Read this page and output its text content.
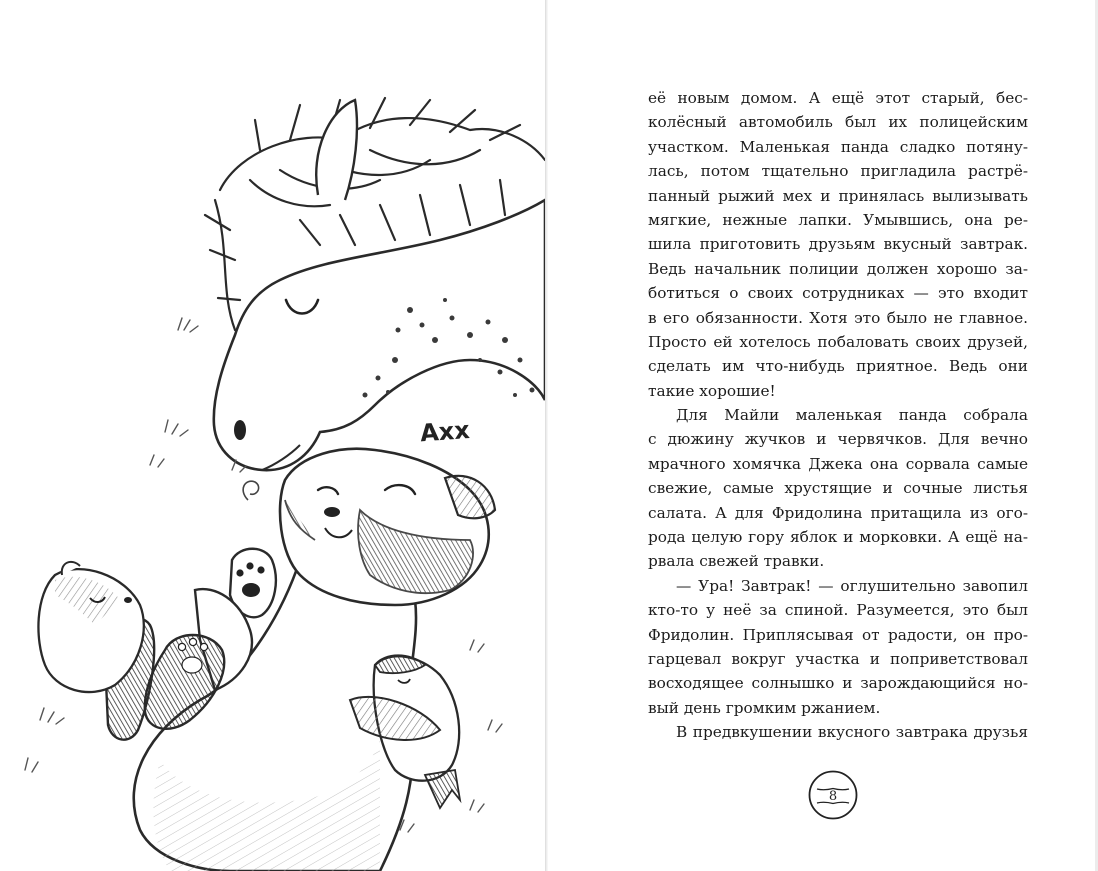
Axx
её новым домом. А ещё этот старый, бес-
колёсный автомобиль был их полицейским
участком. Маленькая панда сладко потяну-
лась, потом тщательно пригладила растрё-
панный рыжий мех и принялась вылизывать
мягкие, нежные лапки. Умывшись, она ре-
шила приготовить друзьям вкусный завтрак.
Ведь начальник полиции должен хорошо за-
ботиться о своих сотрудниках — это входит
в его обязанности. Хотя это было не главное.
Просто ей хотелось побаловать своих друзей,
сделать им что-нибудь приятное. Ведь они
такие хорошие!
Для Майли маленькая панда собрала
с дюжину жучков и червячков. Для вечно
мрачного хомячка Джека она сорвала самые
свежие, самые хрустящие и сочные листья
салата. А для Фридолина притащила из ого-
рода целую гору яблок и морковки. А ещё на-
рвала свежей травки.
— Ура! Завтрак! — оглушительно завопил
кто-то у неё за спиной. Разумеется, это был
Фридолин. Приплясывая от радости, он про-
гарцевал вокруг участка и поприветствовал
восходящее солнышко и зарождающийся но-
вый день громким ржанием.
В предвкушении вкусного завтрака друзья
8
